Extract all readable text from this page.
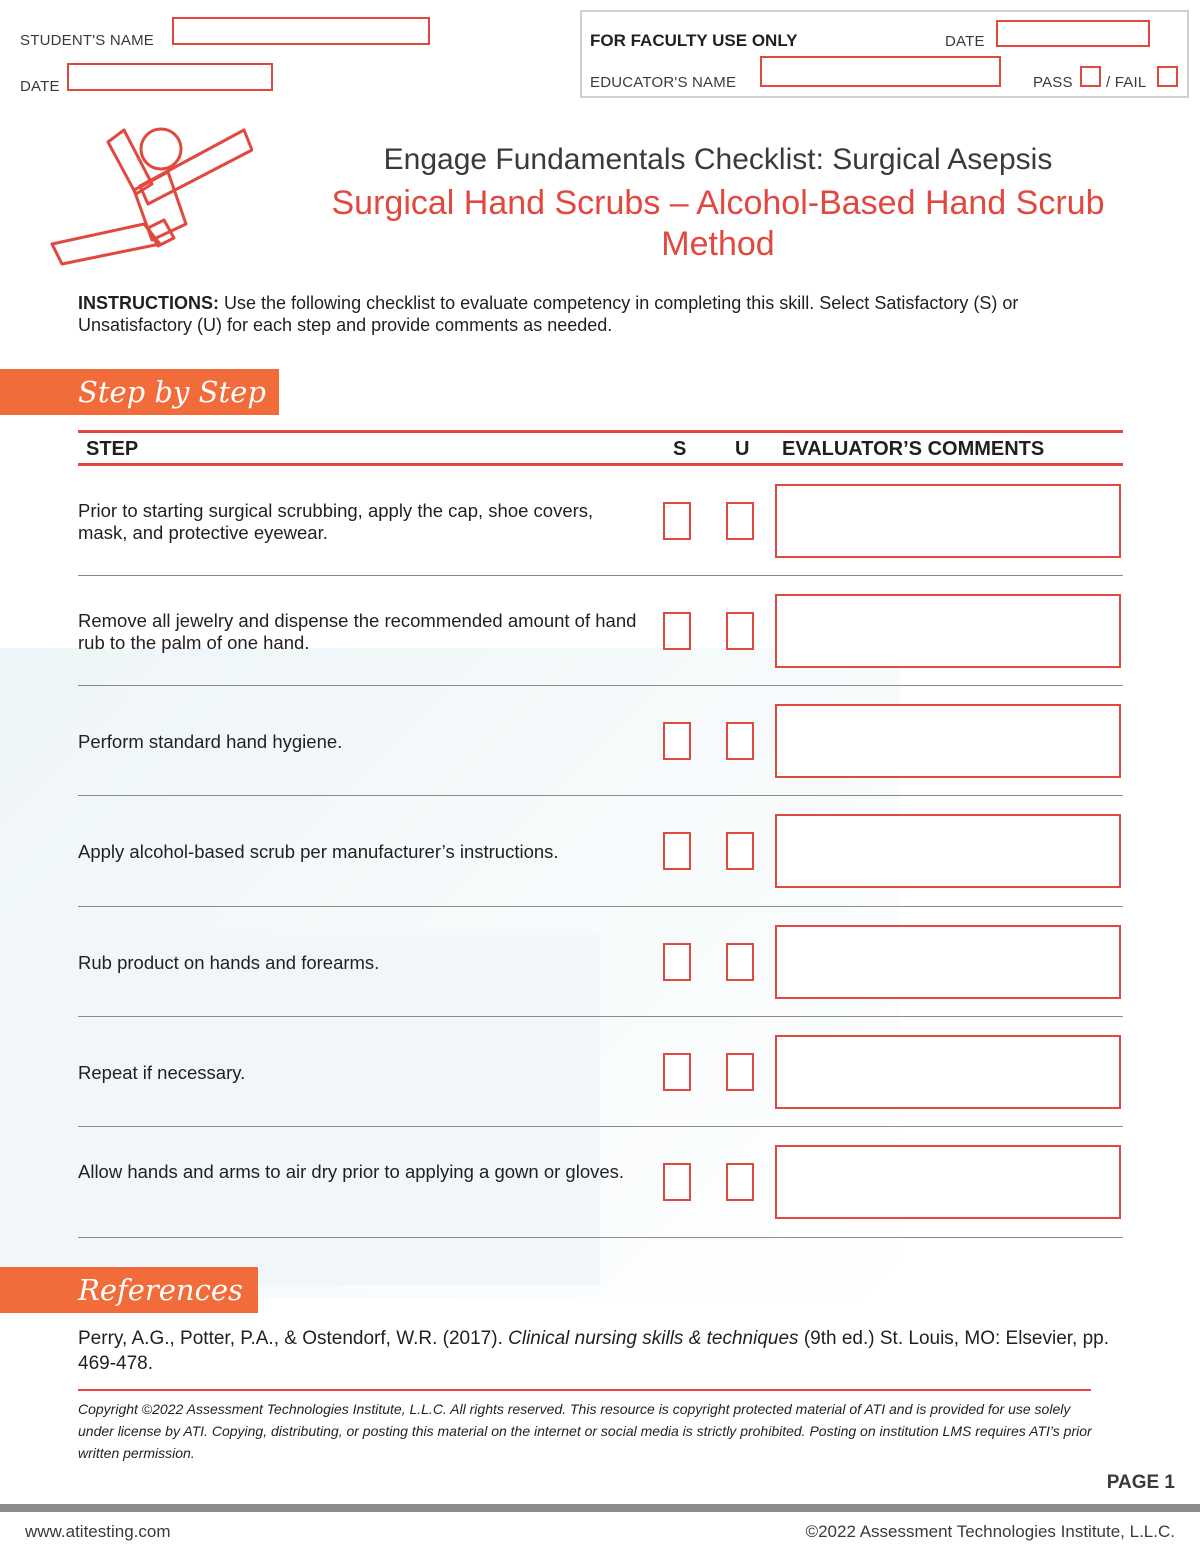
STUDENT'S NAME
DATE
FOR FACULTY USE ONLY	DATE
EDUCATOR'S NAME	PASS / FAIL
Engage Fundamentals Checklist: Surgical Asepsis
Surgical Hand Scrubs – Alcohol-Based Hand Scrub
Method
INSTRUCTIONS: Use the following checklist to evaluate competency in completing this skill. Select Satisfactory (S) or Unsatisfactory (U) for each step and provide comments as needed.
Step by Step
STEP	S U EVALUATOR’S COMMENTS
Prior to starting surgical scrubbing, apply the cap, shoe covers, mask, and protective eyewear.
Remove all jewelry and dispense the recommended amount of hand rub to the palm of one hand.
Perform standard hand hygiene.
Apply alcohol-based scrub per manufacturer’s instructions.
Rub product on hands and forearms.
Repeat if necessary.
Allow hands and arms to air dry prior to applying a gown or gloves.
References
Perry, A.G., Potter, P.A., & Ostendorf, W.R. (2017). Clinical nursing skills & techniques (9th ed.) St. Louis, MO: Elsevier, pp. 469-478.
Copyright ©2022 Assessment Technologies Institute, L.L.C. All rights reserved. This resource is copyright protected material of ATI and is provided for use solely under license by ATI. Copying, distributing, or posting this material on the internet or social media is strictly prohibited. Posting on institution LMS requires ATI’s prior written permission.
PAGE 1
www.atitesting.com	©2022 Assessment Technologies Institute, L.L.C.
